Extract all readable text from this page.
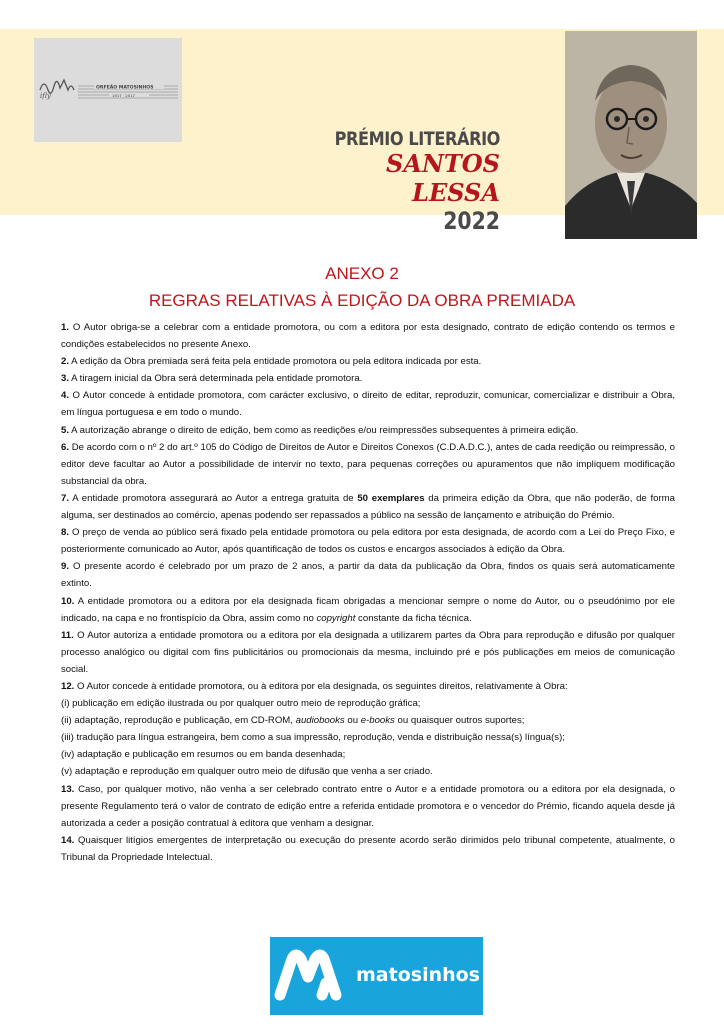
ifly
ORFEÃO MATOSINHOS
1917 · 2017
PRÉMIO LITERÁRIO
SANTOS LESSA
2022
ANEXO 2
REGRAS RELATIVAS À EDIÇÃO DA OBRA PREMIADA

1. O Autor obriga-se a celebrar com a entidade promotora, ou com a editora por esta designado, contrato de edição contendo os termos e condições estabelecidos no presente Anexo.

2. A edição da Obra premiada será feita pela entidade promotora ou pela editora indicada por esta.

3. A tiragem inicial da Obra será determinada pela entidade promotora.

4. O Autor concede à entidade promotora, com carácter exclusivo, o direito de editar, reproduzir, comunicar, comercializar e distribuir a Obra, em língua portuguesa e em todo o mundo.

5. A autorização abrange o direito de edição, bem como as reedições e/ou reimpressões subsequentes à primeira edição.

6. De acordo com o nº 2 do art.º 105 do Código de Direitos de Autor e Direitos Conexos (C.D.A.D.C.), antes de cada reedição ou reimpressão, o editor deve facultar ao Autor a possibilidade de intervir no texto, para pequenas correções ou apuramentos que não impliquem modificação substancial da obra.

7. A entidade promotora assegurará ao Autor a entrega gratuita de 50 exemplares da primeira edição da Obra, que não poderão, de forma alguma, ser destinados ao comércio, apenas podendo ser repassados a público na sessão de lançamento e atribuição do Prémio.

8. O preço de venda ao público será fixado pela entidade promotora ou pela editora por esta designada, de acordo com a Lei do Preço Fixo, e posteriormente comunicado ao Autor, após quantificação de todos os custos e encargos associados à edição da Obra.

9. O presente acordo é celebrado por um prazo de 2 anos, a partir da data da publicação da Obra, findos os quais será automaticamente extinto.

10. A entidade promotora ou a editora por ela designada ficam obrigadas a mencionar sempre o nome do Autor, ou o pseudónimo por ele indicado, na capa e no frontispício da Obra, assim como no copyright constante da ficha técnica.

11. O Autor autoriza a entidade promotora ou a editora por ela designada a utilizarem partes da Obra para reprodução e difusão por qualquer processo analógico ou digital com fins publicitários ou promocionais da mesma, incluindo pré e pós publicações em meios de comunicação social.

12. O Autor concede à entidade promotora, ou à editora por ela designada, os seguintes direitos, relativamente à Obra:

(i) publicação em edição ilustrada ou por qualquer outro meio de reprodução gráfica;

(ii) adaptação, reprodução e publicação, em CD-ROM, audiobooks ou e-books ou quaisquer outros suportes;

(iii) tradução para língua estrangeira, bem como a sua impressão, reprodução, venda e distribuição nessa(s) língua(s);

(iv) adaptação e publicação em resumos ou em banda desenhada;

(v) adaptação e reprodução em qualquer outro meio de difusão que venha a ser criado.

13. Caso, por qualquer motivo, não venha a ser celebrado contrato entre o Autor e a entidade promotora ou a editora por ela designada, o presente Regulamento terá o valor de contrato de edição entre a referida entidade promotora e o vencedor do Prémio, ficando aquela desde já autorizada a ceder a posição contratual à editora que venham a designar.

14. Quaisquer litígios emergentes de interpretação ou execução do presente acordo serão dirimidos pelo tribunal competente, atualmente, o Tribunal da Propriedade Intelectual.

matosinhos
